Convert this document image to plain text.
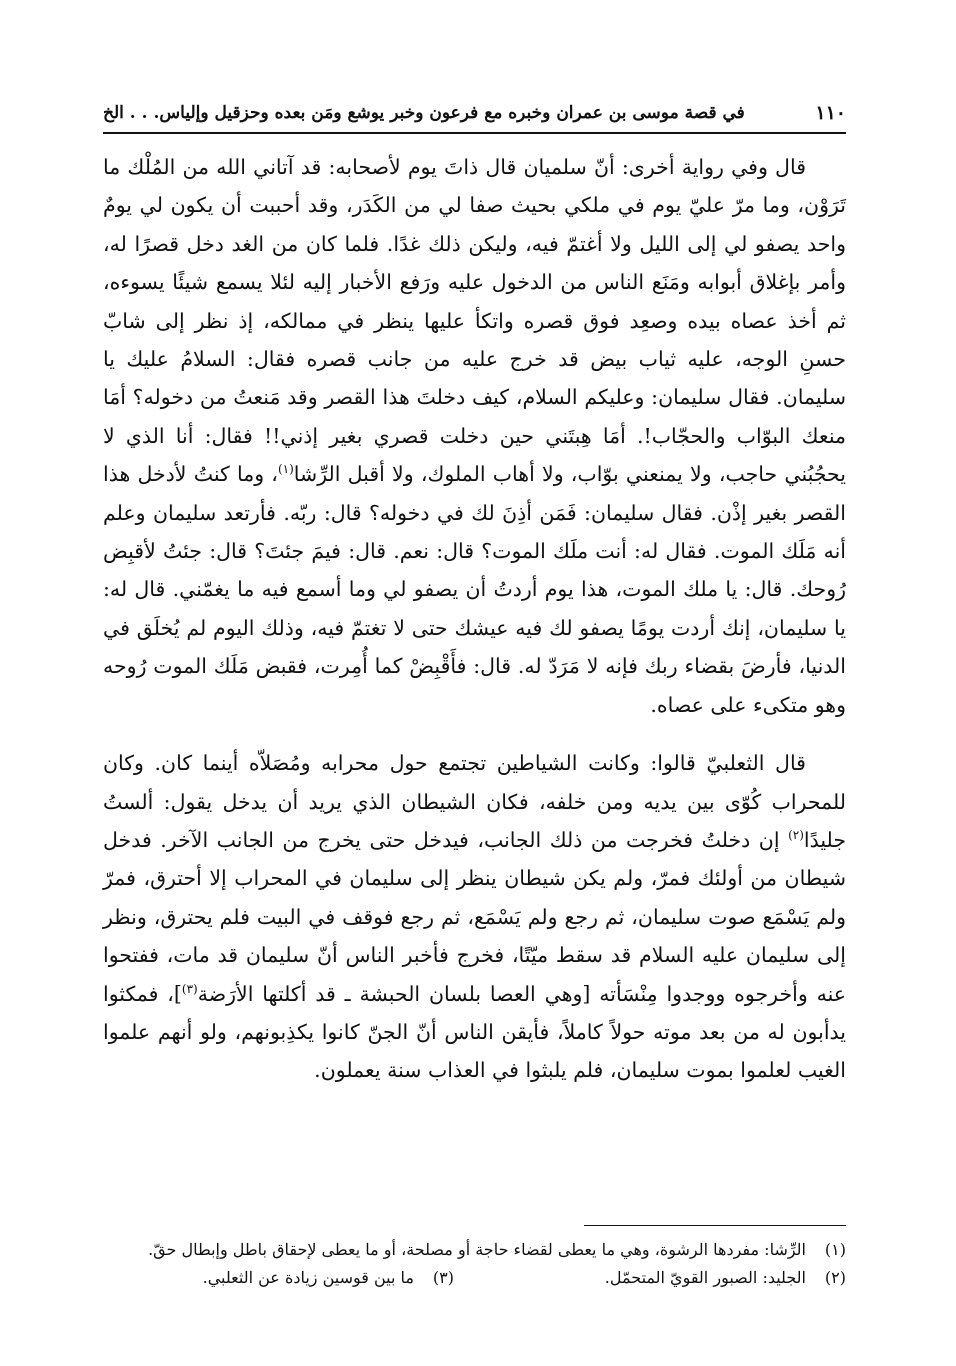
١١٠
في قصة موسى بن عمران وخبره مع فرعون وخبر يوشع ومَن بعده وحزقيل وإلياس. . . الخ

قال وفي رواية أخرى: أنّ سلميان قال ذاتَ يوم لأصحابه: قد آتاني الله من المُلْك ما تَرَوْن، وما مرّ عليّ يوم في ملكي بحيث صفا لي من الكَدَر، وقد أحببت أن يكون لي يومٌ واحد يصفو لي إلى الليل ولا أغتمّ فيه، وليكن ذلك غدًا. فلما كان من الغد دخل قصرًا له، وأمر بإغلاق أبوابه ومَنَع الناس من الدخول عليه ورَفع الأخبار إليه لئلا يسمع شيئًا يسوءه، ثم أخذ عصاه بيده وصعِد فوق قصره واتكأ عليها ينظر في ممالكه، إذ نظر إلى شابّ حسنِ الوجه، عليه ثياب بيض قد خرج عليه من جانب قصره فقال: السلامُ عليك يا سليمان. فقال سليمان: وعليكم السلام، كيف دخلتَ هذا القصر وقد مَنعتُ من دخوله؟ أمَا منعك البوّاب والحجّاب!. أمَا هِبتَني حين دخلت قصري بغير إذني!! فقال: أنا الذي لا يحجُبُني حاجب، ولا يمنعني بوّاب، ولا أهاب الملوك، ولا أقبل الرِّشا$^{(١)}$، وما كنتُ لأدخل هذا القصر بغير إذْن. فقال سليمان: فَمَن أذِنَ لك في دخوله؟ قال: ربّه. فأرتعد سليمان وعلم أنه مَلَك الموت. فقال له: أنت ملَك الموت؟ قال: نعم. قال: فيمَ جئتَ؟ قال: جئتُ لأقبِض رُوحك. قال: يا ملك الموت، هذا يوم أردتُ أن يصفو لي وما أسمع فيه ما يغمّني. قال له: يا سليمان، إنك أردت يومًا يصفو لك فيه عيشك حتى لا تغتمّ فيه، وذلك اليوم لم يُخلَق في الدنيا، فأرضَ بقضاء ربك فإنه لا مَرَدّ له. قال: فأَقْبِضْ كما أُمِرت، فقبض مَلَك الموت رُوحه وهو متكىء على عصاه.

قال الثعلبيّ قالوا: وكانت الشياطين تجتمع حول محرابه ومُصَلاّه أينما كان. وكان للمحراب كُوّى بين يديه ومن خلفه، فكان الشيطان الذي يريد أن يدخل يقول: ألستُ جليدًا$^{(٢)}$ إن دخلتُ فخرجت من ذلك الجانب، فيدخل حتى يخرج من الجانب الآخر. فدخل شيطان من أولئك فمرّ، ولم يكن شيطان ينظر إلى سليمان في المحراب إلا أحترق، فمرّ ولم يَسْمَع صوت سليمان، ثم رجع ولم يَسْمَع، ثم رجع فوقف في البيت فلم يحترق، ونظر إلى سليمان عليه السلام قد سقط ميّتًا، فخرج فأخبر الناس أنّ سليمان قد مات، ففتحوا عنه وأخرجوه ووجدوا مِنْسَأته [وهي العصا بلسان الحبشة ـ قد أكلتها الأرَضة$^{(٣)}$]، فمكثوا يدأبون له من بعد موته حولاً كاملاً، فأيقن الناس أنّ الجنّ كانوا يكذِبونهم، ولو أنهم علموا الغيب لعلموا بموت سليمان، فلم يلبثوا في العذاب سنة يعملون.

(١)
الرِّشا: مفردها الرشوة، وهي ما يعطى لقضاء حاجة أو مصلحة، أو ما يعطى لإحقاق باطل وإبطال حقّ.
(٢)
الجليد: الصبور القويّ المتحمّل.
(٣)
ما بين قوسين زيادة عن الثعلبي.
